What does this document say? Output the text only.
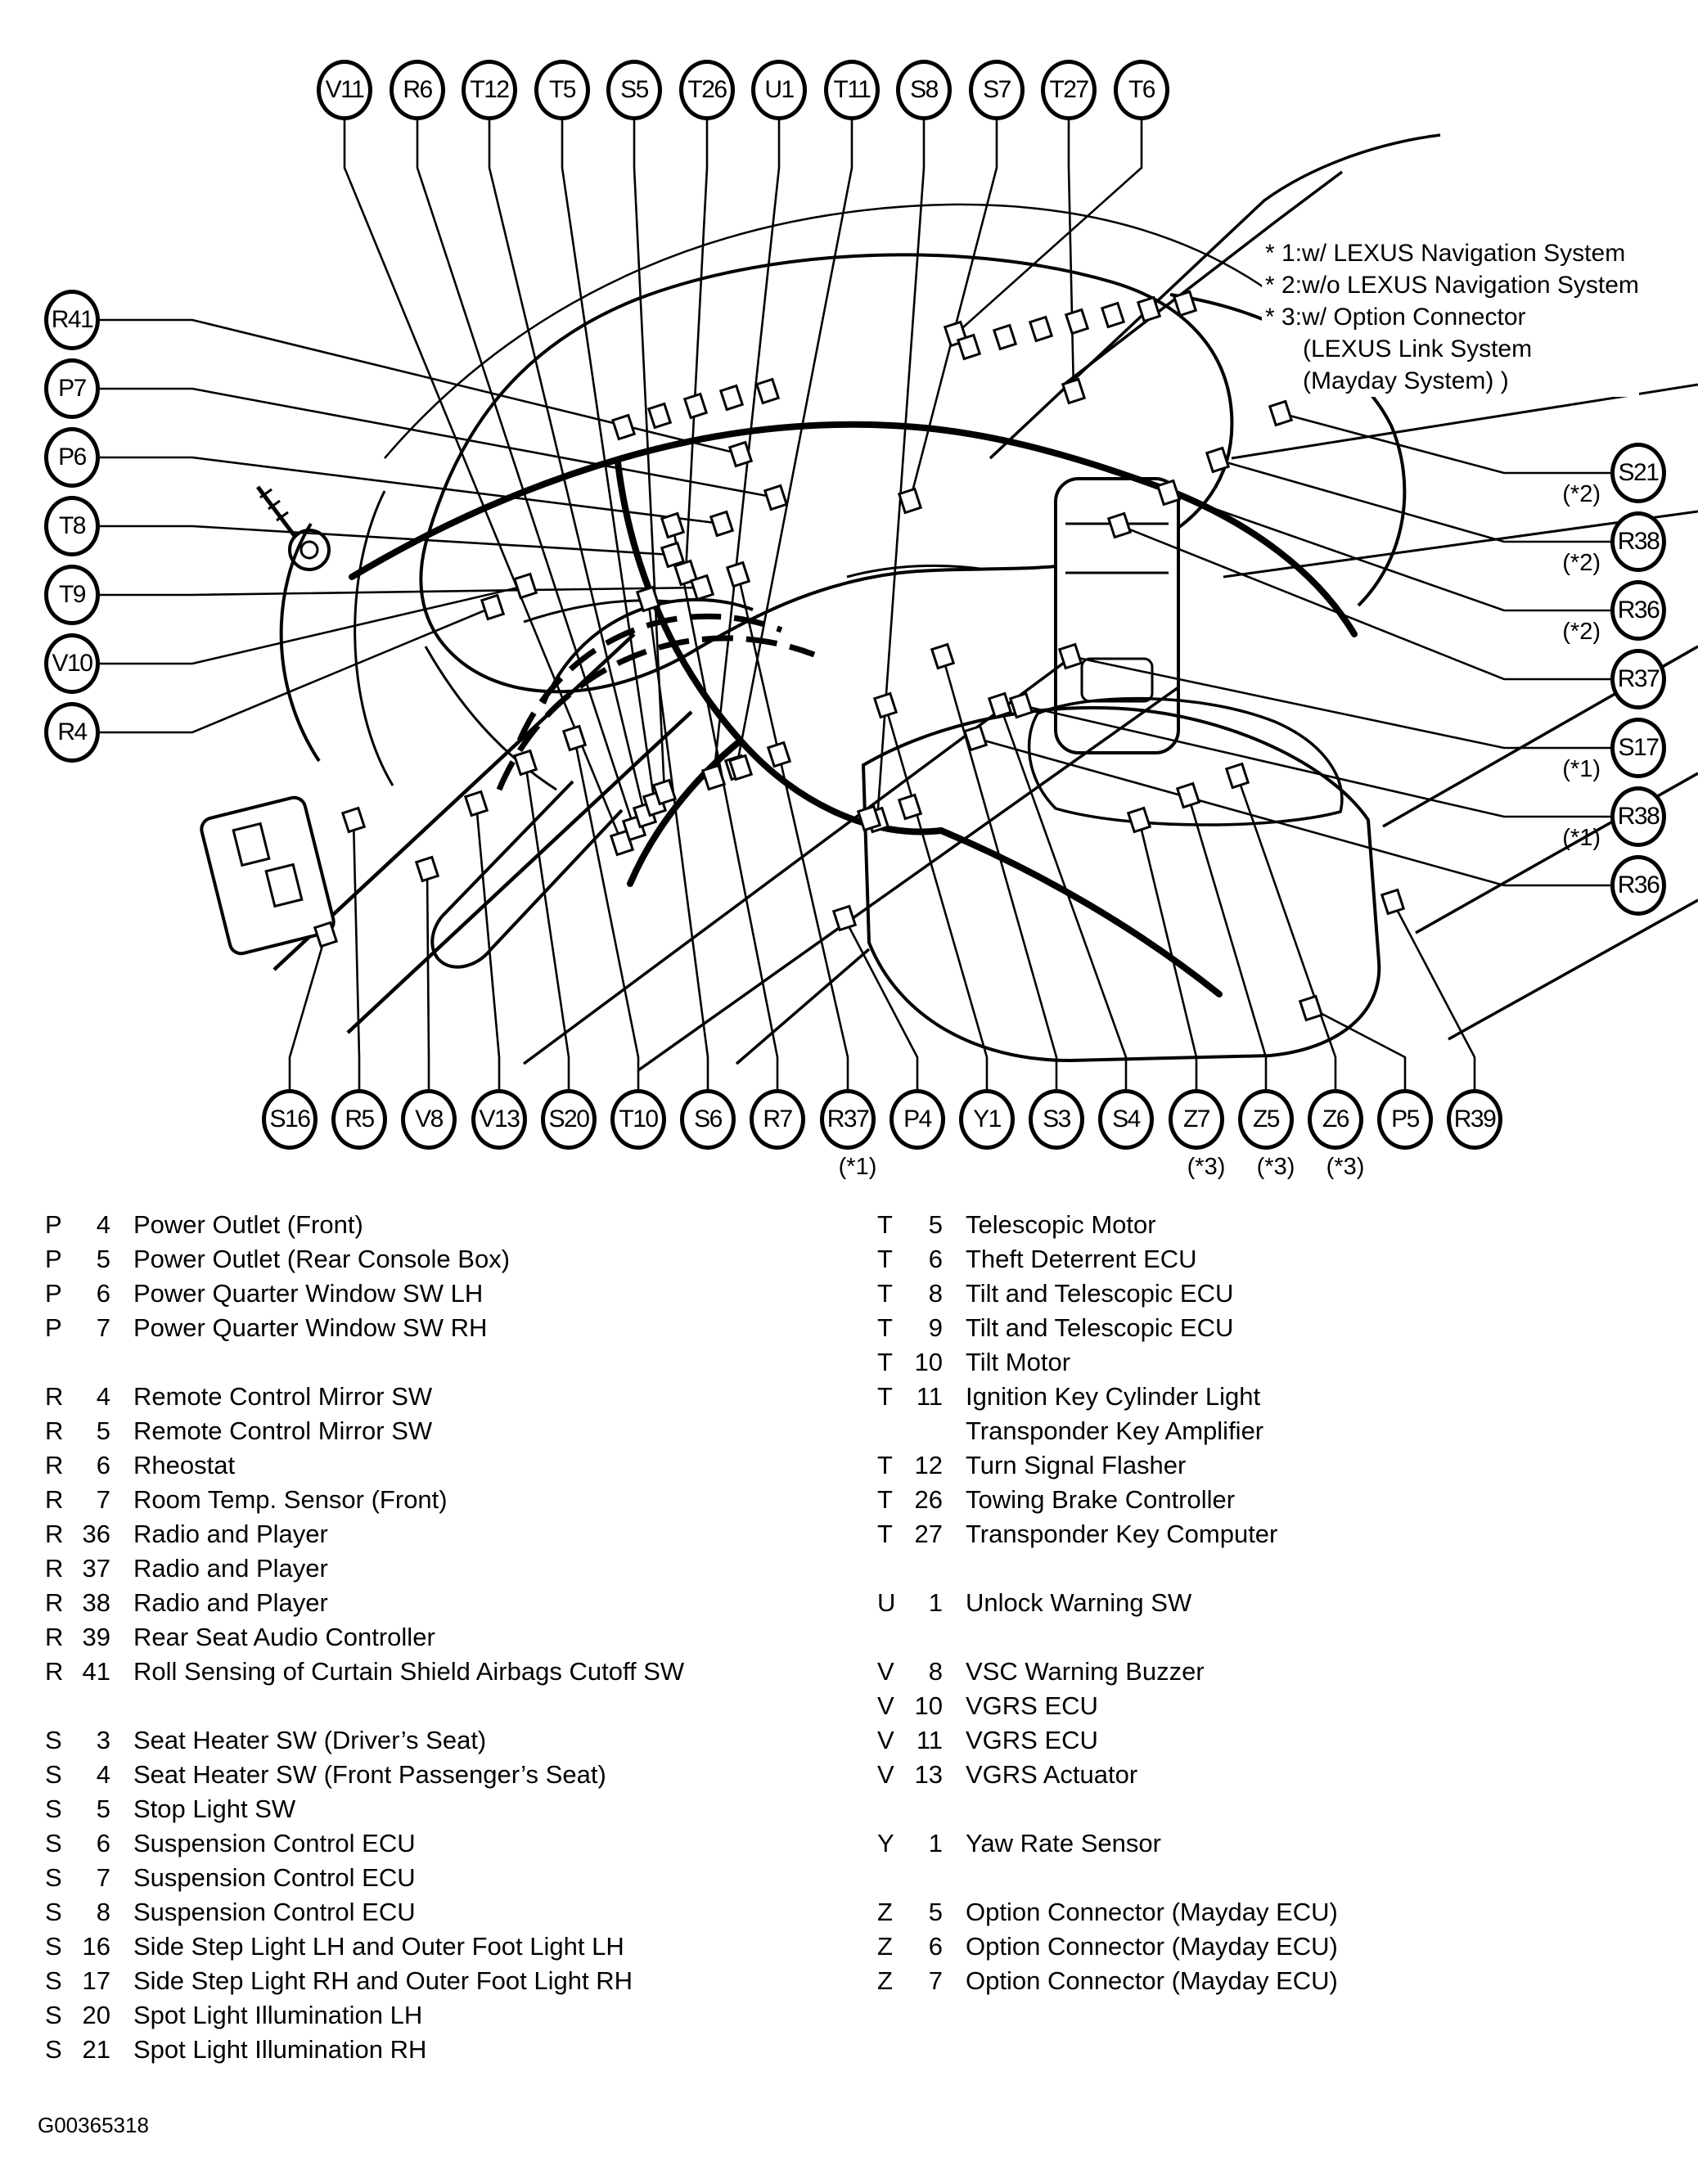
* 1:w/ LEXUS Navigation System
* 2:w/o LEXUS Navigation System
* 3:w/ Option Connector
(LEXUS Link System
(Mayday System) )
P	4 Power Outlet (Front)
P	5 Power Outlet (Rear Console Box)
P	6 Power Quarter Window SW LH
P	7 Power Quarter Window SW RH
R	4 Remote Control Mirror SW
R	5 Remote Control Mirror SW
R	6 Rheostat
R	7 Room Temp. Sensor (Front)
R 36 Radio and Player
R 37 Radio and Player
R 38 Radio and Player
R 39 Rear Seat Audio Controller
R 41 Roll Sensing of Curtain Shield Airbags Cutoff SW
S	3 Seat Heater SW (Driver’s Seat)
S	4 Seat Heater SW (Front Passenger’s Seat)
S	5 Stop Light SW
S	6 Suspension Control ECU
S	7 Suspension Control ECU
S	8 Suspension Control ECU
S 16 Side Step Light LH and Outer Foot Light LH
S 17 Side Step Light RH and Outer Foot Light RH
S 20 Spot Light Illumination LH
S 21 Spot Light Illumination RH
T	5 Telescopic Motor
T	6 Theft Deterrent ECU
T	8 Tilt and Telescopic ECU
T	9 Tilt and Telescopic ECU
T 10 Tilt Motor
T 11 Ignition Key Cylinder Light
Transponder Key Amplifier
T 12 Turn Signal Flasher
T 26 Towing Brake Controller
T 27 Transponder Key Computer
U	1 Unlock Warning SW
V	8 VSC Warning Buzzer
V 10 VGRS ECU
V 11 VGRS ECU
V 13 VGRS Actuator
Y	1 Yaw Rate Sensor
Z	5 Option Connector (Mayday ECU)
Z	6 Option Connector (Mayday ECU)
Z	7 Option Connector (Mayday ECU)
G00365318
V11 R6 T12 T5 S5 T26 U1 T11 S8 S7 T27 T6
R41
P7
P6
T8
T9
V10
R4
S21
R38
(*2)
R36
(*2)
R37
(*2)
S17
R38
(*1)
R36
(*1)
S16 R5 V8 V13 S20 T10 S6 R7 R37
(*1)
P4 Y1 S3 S4 Z7
(*3)
Z5
(*3)
Z6
(*3)
P5 R39
